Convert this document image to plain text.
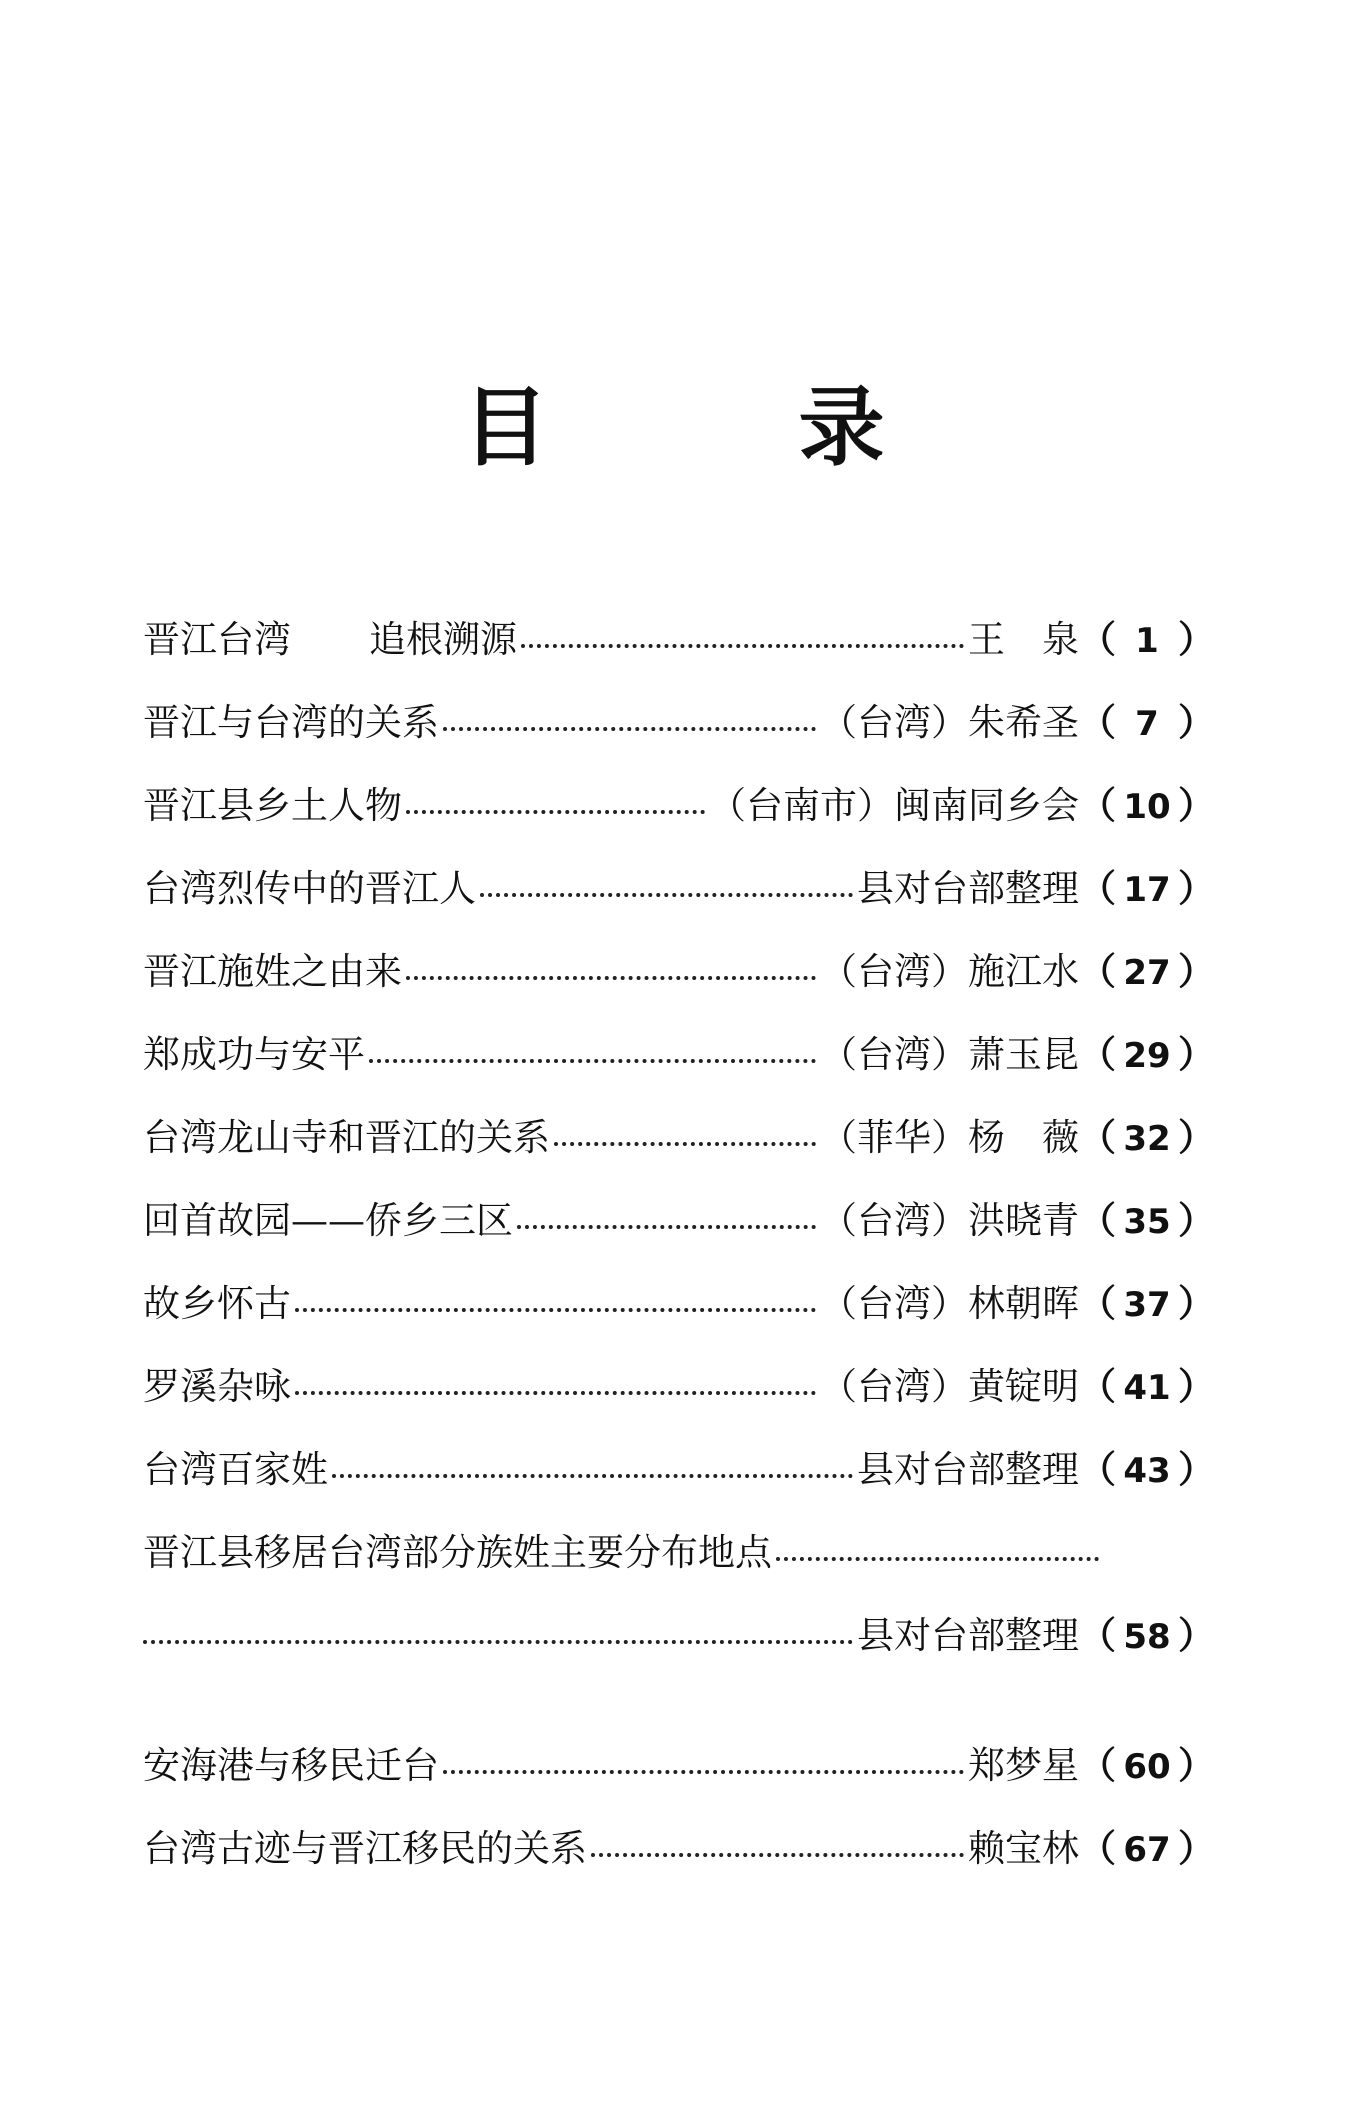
目 录
晋江台湾 追根溯源	王　泉 （ 1 ）
晋江与台湾的关系	（台湾）朱希圣 （ 7 ）
晋江县乡土人物	（台南市）闽南同乡会 （ 10 ）
台湾烈传中的晋江人	县对台部整理 （ 17 ）
晋江施姓之由来	（台湾）施江水 （ 27 ）
郑成功与安平	（台湾）萧玉昆 （ 29 ）
台湾龙山寺和晋江的关系	（菲华）杨　薇 （ 32 ）
回首故园——侨乡三区	（台湾）洪晓青 （ 35 ）
故乡怀古	（台湾）林朝晖 （ 37 ）
罗溪杂咏	（台湾）黄锭明 （ 41 ）
台湾百家姓	县对台部整理 （ 43 ）
晋江县移居台湾部分族姓主要分布地点
县对台部整理 （ 58 ）
安海港与移民迁台	郑梦星 （ 60 ）
台湾古迹与晋江移民的关系	赖宝林 （ 67 ）
